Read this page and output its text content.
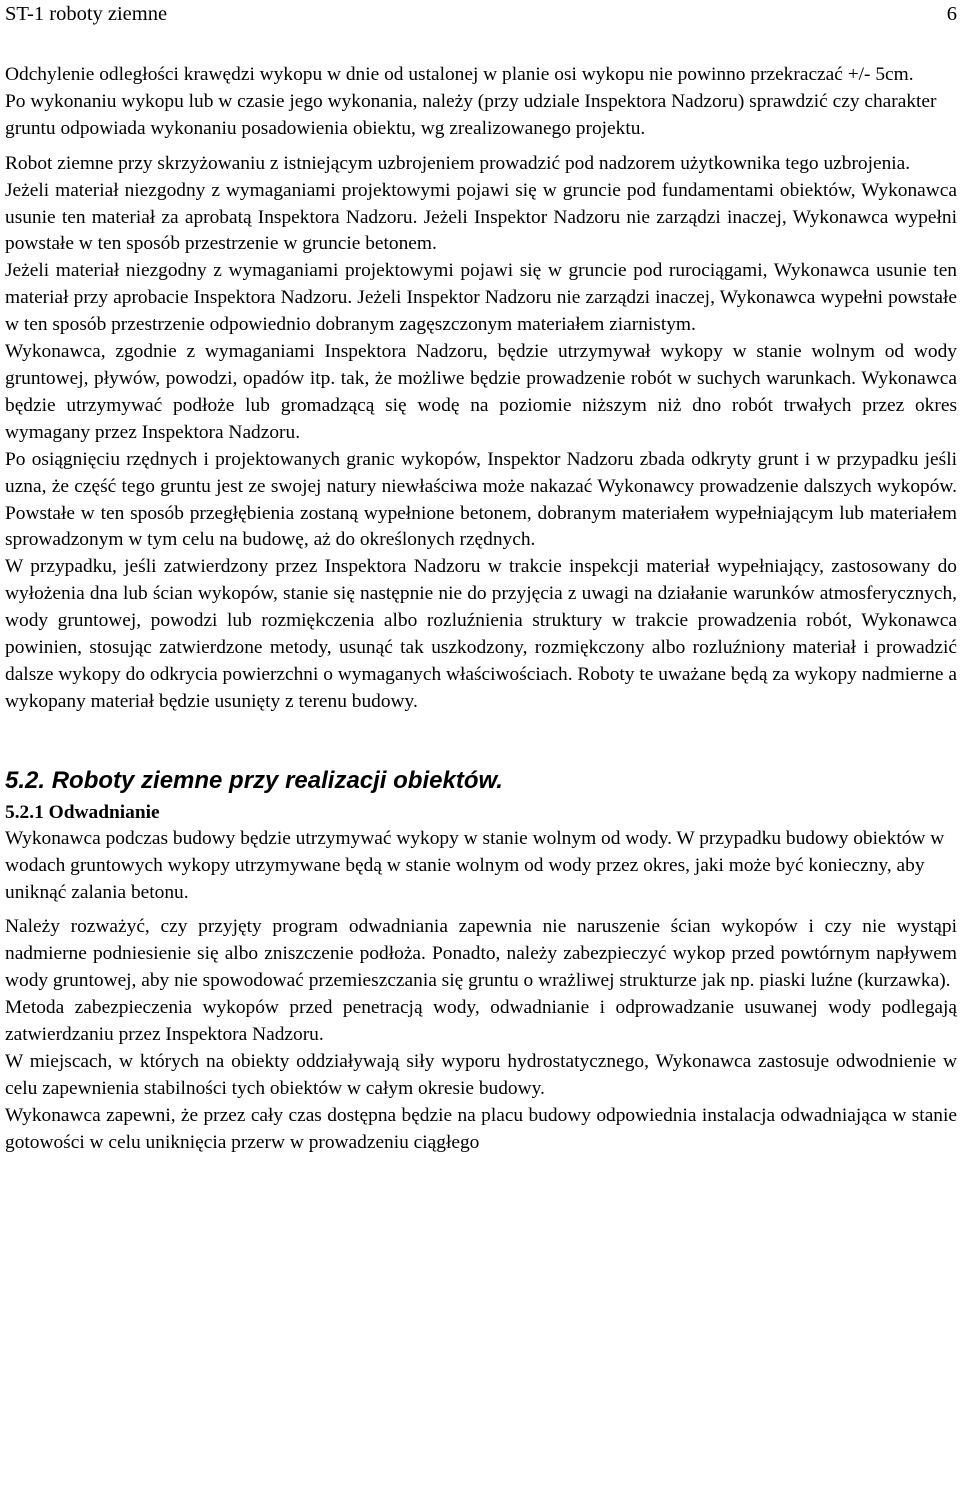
ST-1 roboty ziemne	6

Odchylenie odległości krawędzi wykopu w dnie od ustalonej w planie osi wykopu nie powinno przekraczać +/- 5cm.

Po wykonaniu wykopu lub w czasie jego wykonania, należy (przy udziale Inspektora Nadzoru) sprawdzić czy charakter gruntu odpowiada wykonaniu posadowienia obiektu, wg zrealizowanego projektu.

Robot ziemne przy skrzyżowaniu z istniejącym uzbrojeniem prowadzić pod nadzorem użytkownika tego uzbrojenia.

Jeżeli materiał niezgodny z wymaganiami projektowymi pojawi się w gruncie pod fundamentami obiektów, Wykonawca usunie ten materiał za aprobatą Inspektora Nadzoru. Jeżeli Inspektor Nadzoru nie zarządzi inaczej, Wykonawca wypełni powstałe w ten sposób przestrzenie w gruncie betonem.

Jeżeli materiał niezgodny z wymaganiami projektowymi pojawi się w gruncie pod rurociągami, Wykonawca usunie ten materiał przy aprobacie Inspektora Nadzoru. Jeżeli Inspektor Nadzoru nie zarządzi inaczej, Wykonawca wypełni powstałe w ten sposób przestrzenie odpowiednio dobranym zagęszczonym materiałem ziarnistym.

Wykonawca, zgodnie z wymaganiami Inspektora Nadzoru, będzie utrzymywał wykopy w stanie wolnym od wody gruntowej, pływów, powodzi, opadów itp. tak, że możliwe będzie prowadzenie robót w suchych warunkach. Wykonawca będzie utrzymywać podłoże lub gromadzącą się wodę na poziomie niższym niż dno robót trwałych przez okres wymagany przez Inspektora Nadzoru.

Po osiągnięciu rzędnych i projektowanych granic wykopów, Inspektor Nadzoru zbada odkryty grunt i w przypadku jeśli uzna, że część tego gruntu jest ze swojej natury niewłaściwa może nakazać Wykonawcy prowadzenie dalszych wykopów. Powstałe w ten sposób przegłębienia zostaną wypełnione betonem, dobranym materiałem wypełniającym lub materiałem sprowadzonym w tym celu na budowę, aż do określonych rzędnych.

W przypadku, jeśli zatwierdzony przez Inspektora Nadzoru w trakcie inspekcji materiał wypełniający, zastosowany do wyłożenia dna lub ścian wykopów, stanie się następnie nie do przyjęcia z uwagi na działanie warunków atmosferycznych, wody gruntowej, powodzi lub rozmiękczenia albo rozluźnienia struktury w trakcie prowadzenia robót, Wykonawca powinien, stosując zatwierdzone metody, usunąć tak uszkodzony, rozmiękczony albo rozluźniony materiał i prowadzić dalsze wykopy do odkrycia powierzchni o wymaganych właściwościach. Roboty te uważane będą za wykopy nadmierne a wykopany materiał będzie usunięty z terenu budowy.

5.2. Roboty ziemne przy realizacji obiektów.
5.2.1 Odwadnianie

Wykonawca podczas budowy będzie utrzymywać wykopy w stanie wolnym od wody. W przypadku budowy obiektów w wodach gruntowych wykopy utrzymywane będą w stanie wolnym od wody przez okres, jaki może być konieczny, aby uniknąć zalania betonu.

Należy rozważyć, czy przyjęty program odwadniania zapewnia nie naruszenie ścian wykopów i czy nie wystąpi nadmierne podniesienie się albo zniszczenie podłoża. Ponadto, należy zabezpieczyć wykop przed powtórnym napływem wody gruntowej, aby nie spowodować przemieszczania się gruntu o wrażliwej strukturze jak np. piaski luźne (kurzawka).

Metoda zabezpieczenia wykopów przed penetracją wody, odwadnianie i odprowadzanie usuwanej wody podlegają zatwierdzaniu przez Inspektora Nadzoru.

W miejscach, w których na obiekty oddziaływają siły wyporu hydrostatycznego, Wykonawca zastosuje odwodnienie w celu zapewnienia stabilności tych obiektów w całym okresie budowy.

Wykonawca zapewni, że przez cały czas dostępna będzie na placu budowy odpowiednia instalacja odwadniająca w stanie gotowości w celu uniknięcia przerw w prowadzeniu ciągłego
